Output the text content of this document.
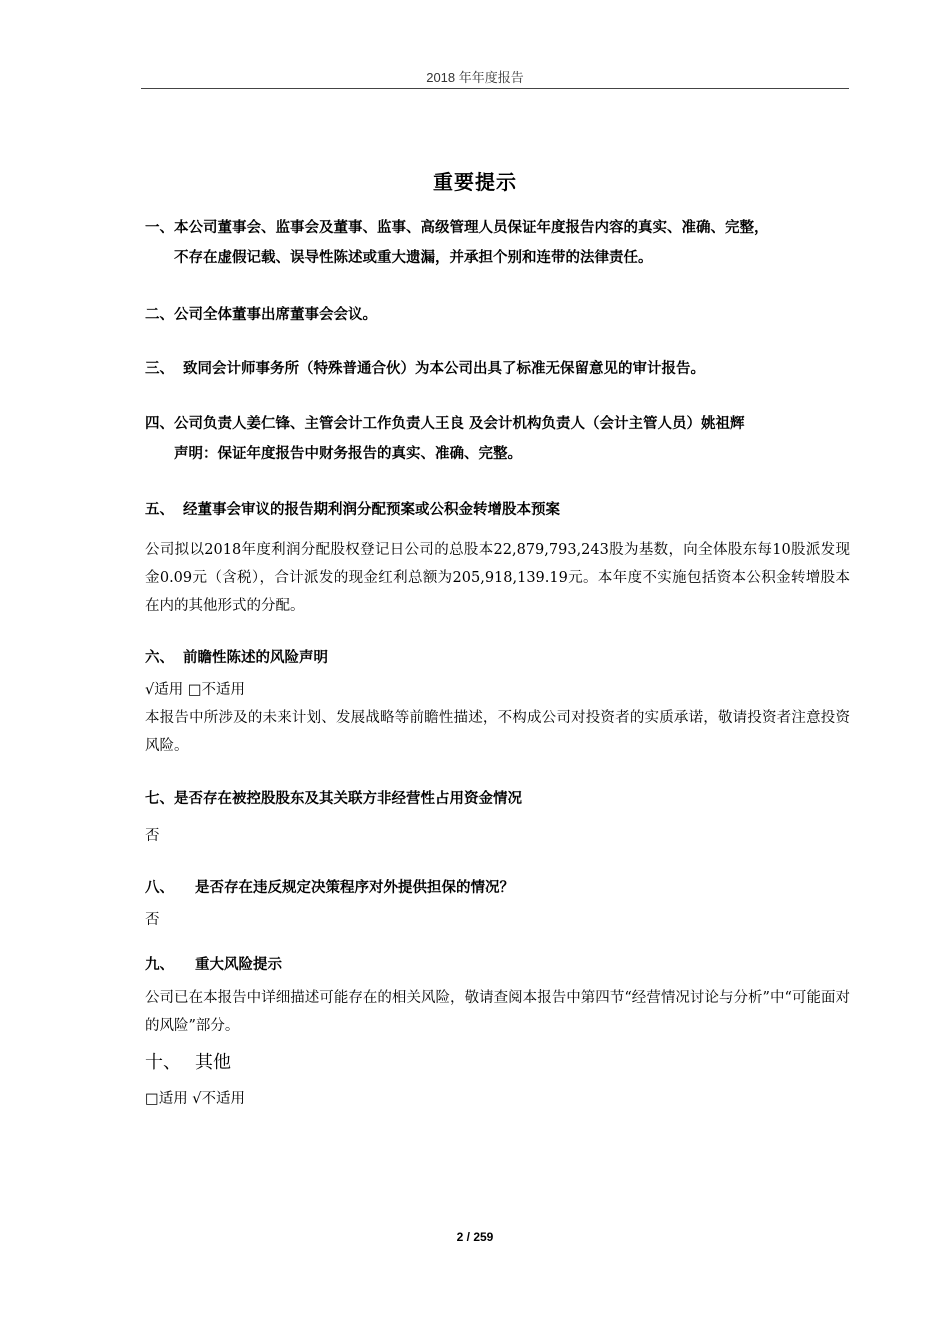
2018 年年度报告
重要提示
一、本公司董事会、监事会及董事、监事、高级管理人员保证年度报告内容的真实、准确、完整，
不存在虚假记载、误导性陈述或重大遗漏，并承担个别和连带的法律责任。
二、公司全体董事出席董事会会议。
三、 致同会计师事务所（特殊普通合伙）为本公司出具了标准无保留意见的审计报告。
四、公司负责人姜仁锋、主管会计工作负责人王良 及会计机构负责人（会计主管人员）姚祖辉
声明：保证年度报告中财务报告的真实、准确、完整。
五、 经董事会审议的报告期利润分配预案或公积金转增股本预案
公司拟以2018年度利润分配股权登记日公司的总股本22,879,793,243股为基数，向全体股东每10股派发现金0.09元（含税），合计派发的现金红利总额为205,918,139.19元。本年度不实施包括资本公积金转增股本在内的其他形式的分配。
六、 前瞻性陈述的风险声明
√适用 □不适用
本报告中所涉及的未来计划、发展战略等前瞻性描述，不构成公司对投资者的实质承诺，敬请投资者注意投资风险。
七、是否存在被控股股东及其关联方非经营性占用资金情况
否
八、 是否存在违反规定决策程序对外提供担保的情况？
否
九、 重大风险提示
公司已在本报告中详细描述可能存在的相关风险，敬请查阅本报告中第四节“经营情况讨论与分析”中“可能面对的风险”部分。
十、 其他
□适用 √不适用
2 / 259
